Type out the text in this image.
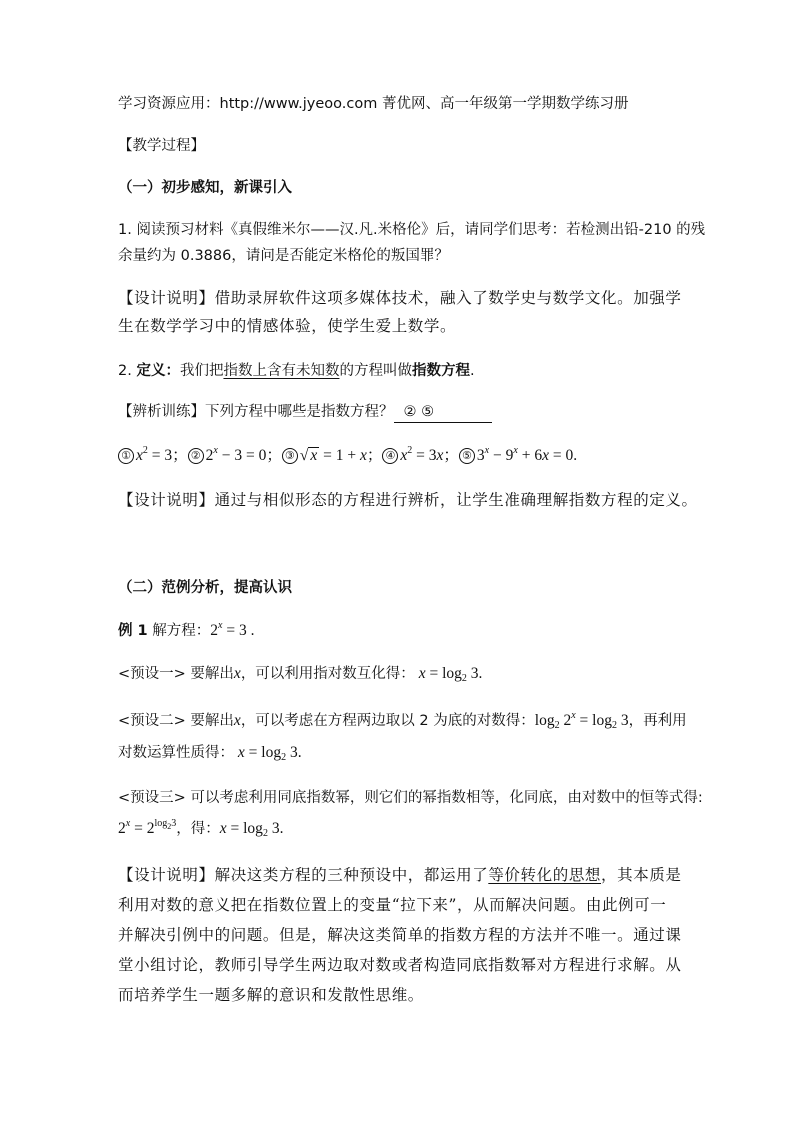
学习资源应用：http://www.jyeoo.com 菁优网、高一年级第一学期数学练习册
【教学过程】
（一）初步感知，新课引入
1. 阅读预习材料《真假维米尔——汉.凡.米格伦》后，请同学们思考：若检测出铅-210 的残
余量约为 0.3886，请问是否能定米格伦的叛国罪？
【设计说明】借助录屏软件这项多媒体技术，融入了数学史与数学文化。加强学
生在数学学习中的情感体验，使学生爱上数学。
2. 定义：我们把指数上含有未知数的方程叫做指数方程.
【辨析训练】下列方程中哪些是指数方程？ ② ⑤
① $x^2 = 3$； ② $2^x - 3 = 0$； ③ √ x = 1 + x； ④ $x^2 = 3x$； ⑤ $3^x - 9^x + 6x = 0$.
【设计说明】通过与相似形态的方程进行辨析，让学生准确理解指数方程的定义。
（二）范例分析，提高认识
例 1 解方程：$2^x = 3$ .
<预设一> 要解出x，可以利用指对数互化得： $x = \log_2 3$.
<预设二> 要解出x，可以考虑在方程两边取以 2 为底的对数得：$\log_2 2^x = \log_2 3$，再利用
对数运算性质得： $x = \log_2 3$.
<预设三> 可以考虑利用同底指数幂，则它们的幂指数相等，化同底，由对数中的恒等式得:
$2^x = 2^{log_23}$，得：$x = \log_2 3$.
【设计说明】解决这类方程的三种预设中，都运用了等价转化的思想，其本质是
利用对数的意义把在指数位置上的变量“拉下来”，从而解决问题。由此例可一
并解决引例中的问题。但是，解决这类简单的指数方程的方法并不唯一。通过课
堂小组讨论，教师引导学生两边取对数或者构造同底指数幂对方程进行求解。从
而培养学生一题多解的意识和发散性思维。
